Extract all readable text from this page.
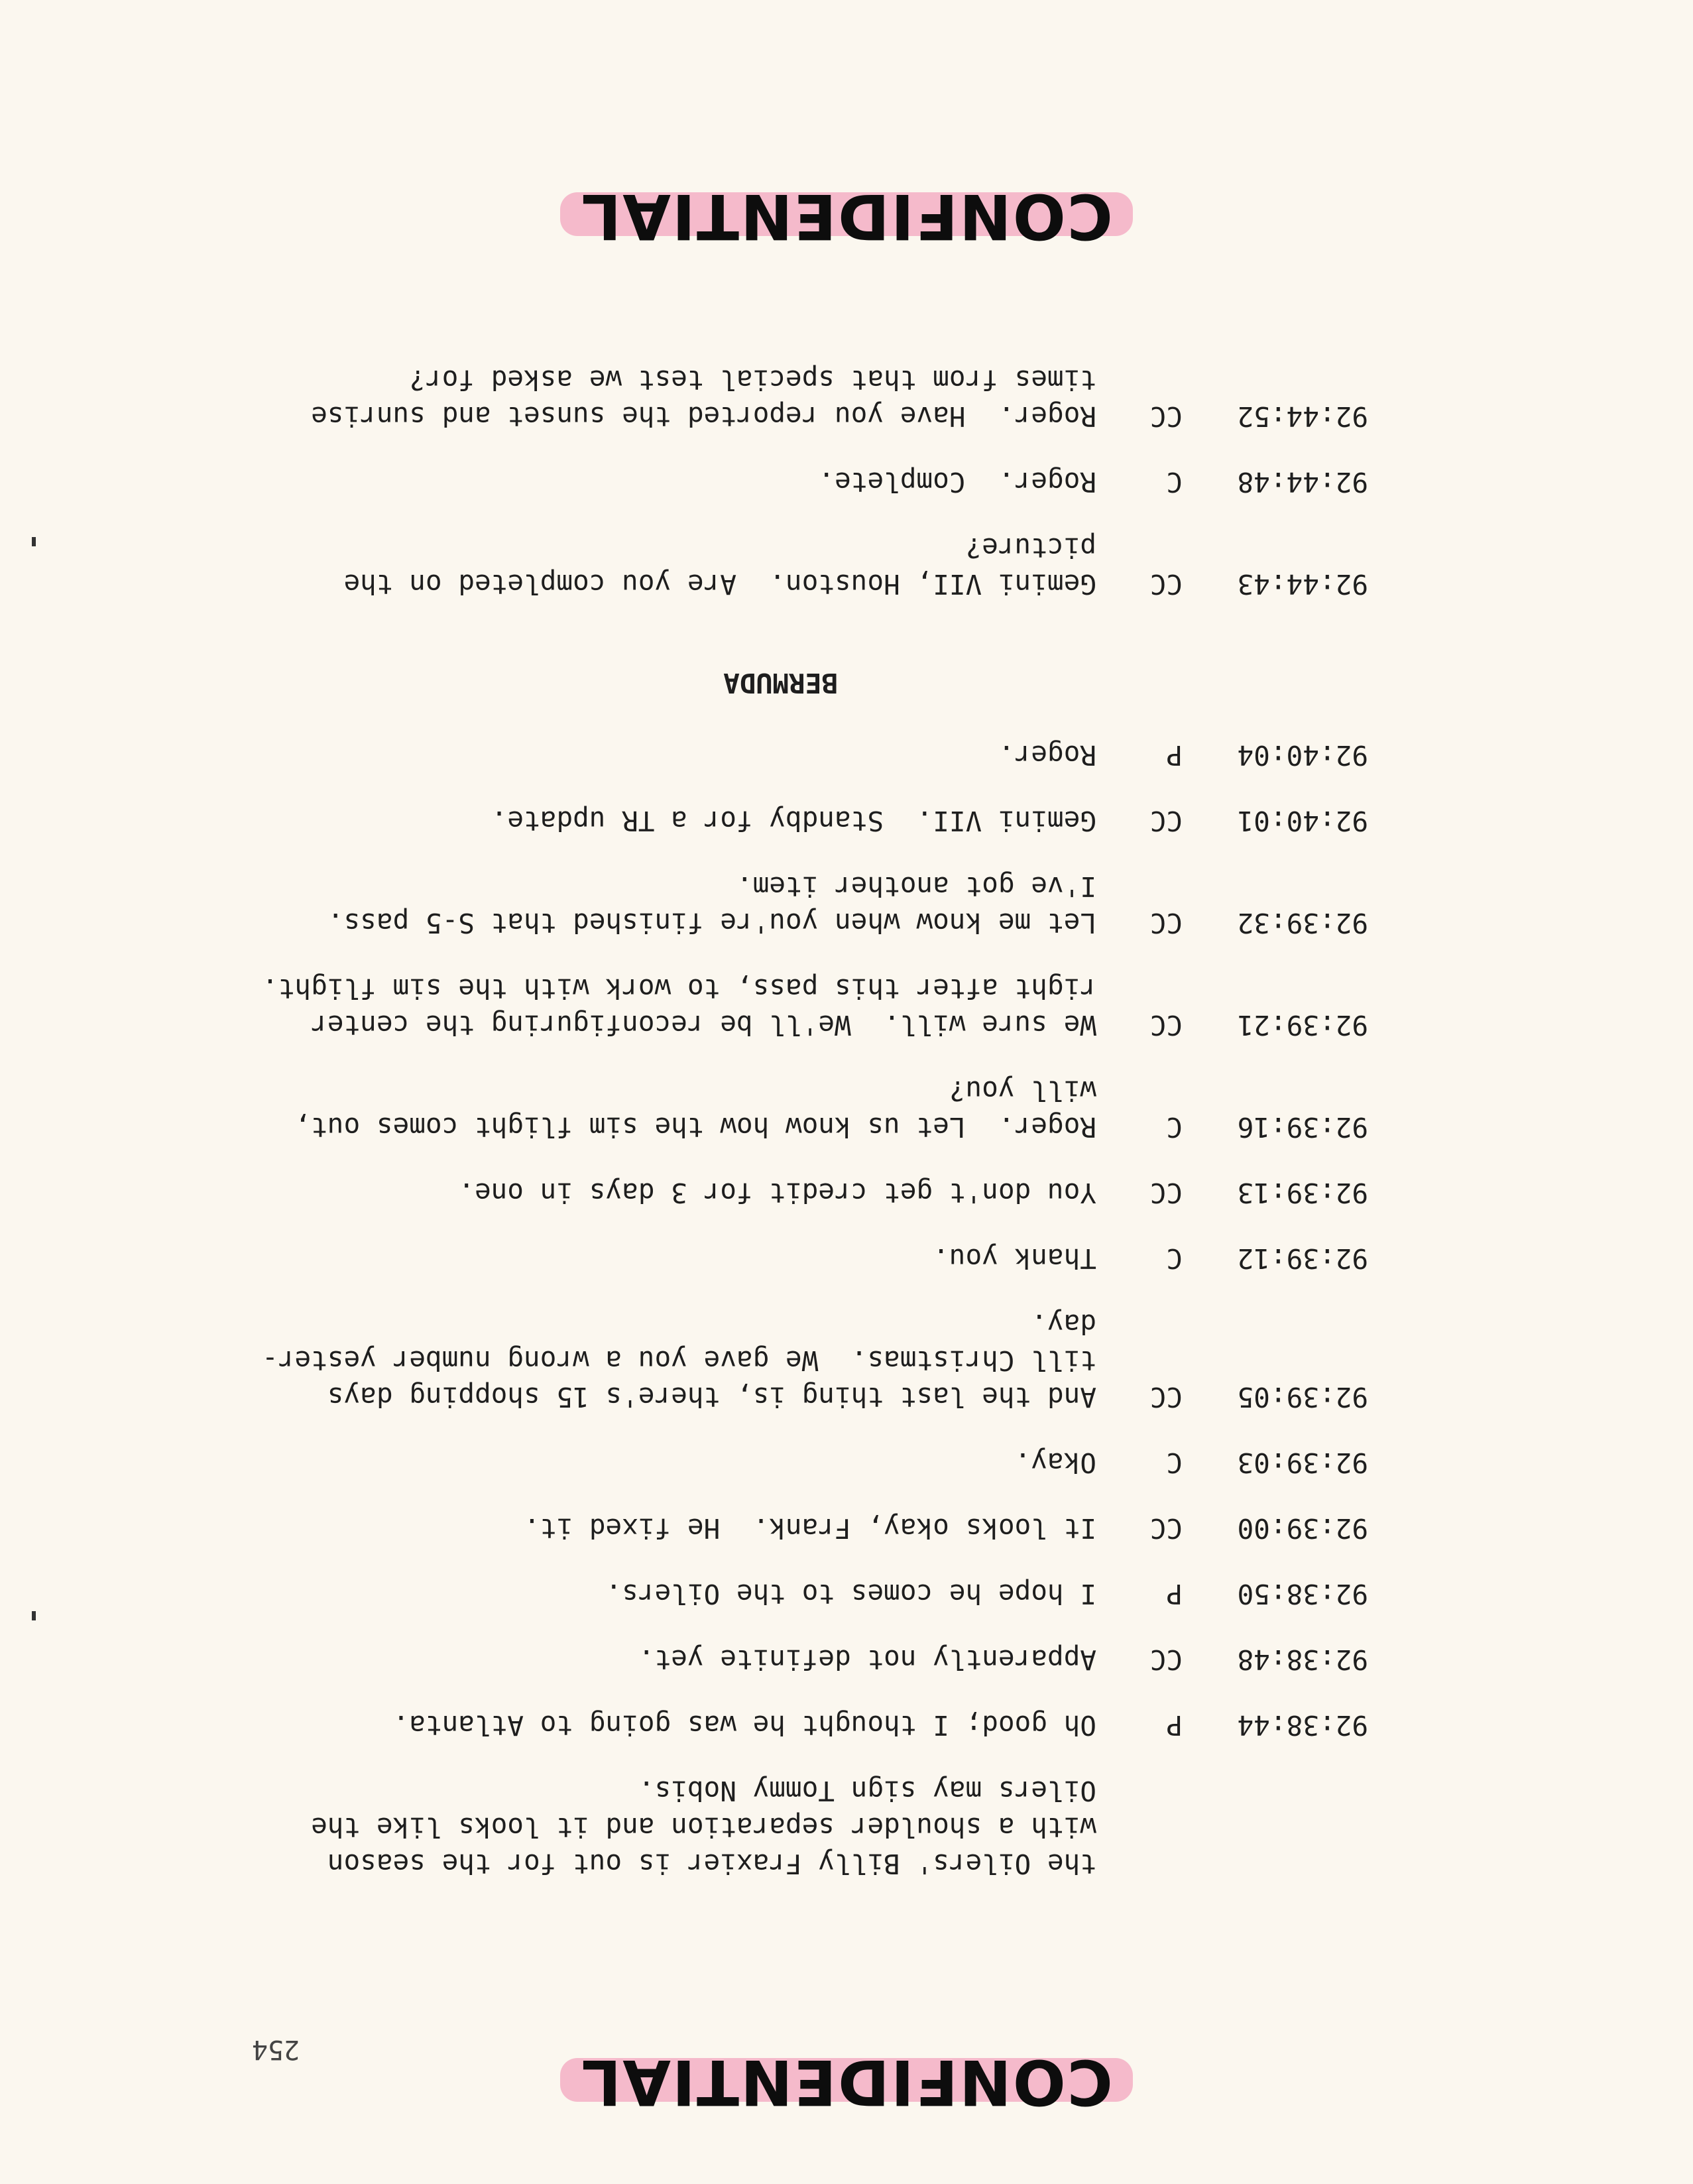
CONFIDENTIAL
254
the Oilers' Billy Fraxier is out for the season
with a shoulder separation and it looks like the
Oilers may sign Tommy Nobis.
92:38:44
P
Oh good; I thought he was going to Atlanta.
92:38:48
CC
Apparently not definite yet.
92:38:50
P
I hope he comes to the Oilers.
92:39:00
CC
It looks okay, Frank.  He fixed it.
92:39:03
C
Okay.
92:39:05
CC
And the last thing is, there's 15 shopping days
till Christmas.  We gave you a wrong number yester-
day.
92:39:12
C
Thank you.
92:39:13
CC
You don't get credit for 3 days in one.
92:39:16
C
Roger.  Let us know how the sim flight comes out,
will you?
92:39:21
CC
We sure will.  We'll be reconfiguring the center
right after this pass, to work with the sim flight.
92:39:32
CC
Let me know when you're finished that S-5 pass.
I've got another item.
92:40:01
CC
Gemini VII.  Standby for a TR update.
92:40:04
P
Roger.
BERMUDA
92:44:43
CC
Gemini VII, Houston.  Are you completed on the
picture?
92:44:48
C
Roger.  Complete.
92:44:52
CC
Roger.  Have you reported the sunset and sunrise
times from that special test we asked for?
CONFIDENTIAL
